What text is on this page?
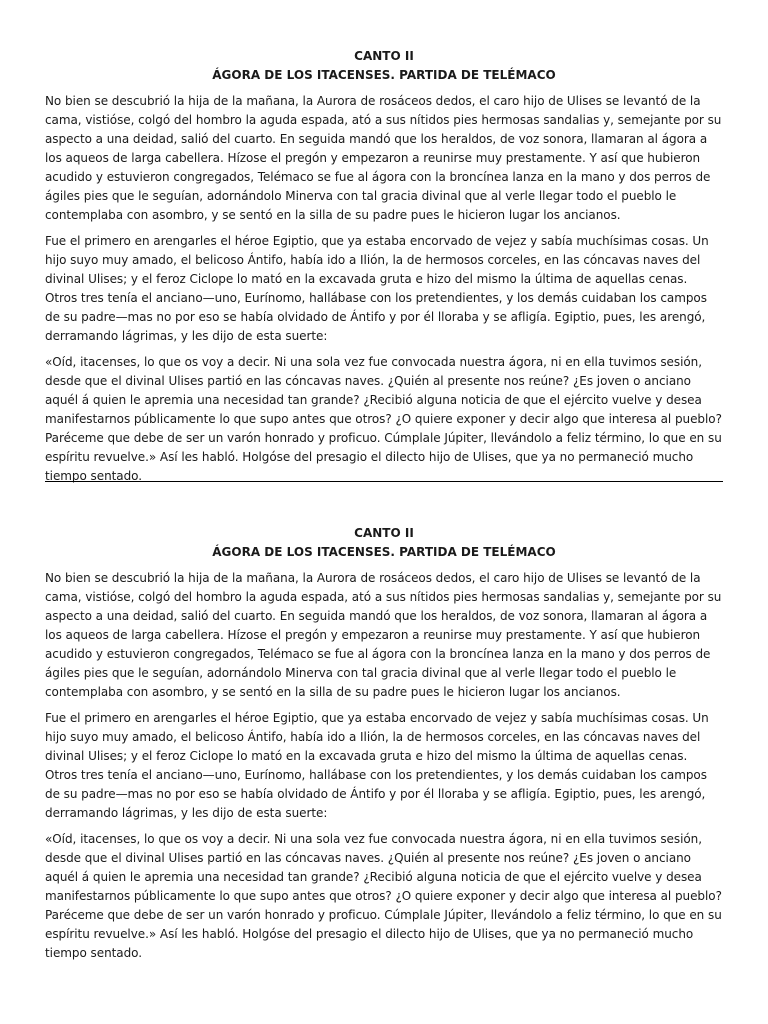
CANTO II

ÁGORA DE LOS ITACENSES. PARTIDA DE TELÉMACO

No bien se descubrió la hija de la mañana, la Aurora de rosáceos dedos, el caro hijo de Ulises se levantó de la cama, vistióse, colgó del hombro la aguda espada, ató a sus nítidos pies hermosas sandalias y, semejante por su aspecto a una deidad, salió del cuarto. En seguida mandó que los heraldos, de voz sonora, llamaran al ágora a los aqueos de larga cabellera. Hízose el pregón y empezaron a reunirse muy prestamente. Y así que hubieron acudido y estuvieron congregados, Telémaco se fue al ágora con la broncínea lanza en la mano y dos perros de ágiles pies que le seguían, adornándolo Minerva con tal gracia divinal que al verle llegar todo el pueblo le contemplaba con asombro, y se sentó en la silla de su padre pues le hicieron lugar los ancianos.

Fue el primero en arengarles el héroe Egiptio, que ya estaba encorvado de vejez y sabía muchísimas cosas. Un hijo suyo muy amado, el belicoso Ántifo, había ido a Ilión, la de hermosos corceles, en las cóncavas naves del divinal Ulises; y el feroz Ciclope lo mató en la excavada gruta e hizo del mismo la última de aquellas cenas. Otros tres tenía el anciano—uno, Eurínomo, hallábase con los pretendientes, y los demás cuidaban los campos de su padre—mas no por eso se había olvidado de Ántifo y por él lloraba y se afligía. Egiptio, pues, les arengó, derramando lágrimas, y les dijo de esta suerte:

«Oíd, itacenses, lo que os voy a decir. Ni una sola vez fue convocada nuestra ágora, ni en ella tuvimos sesión, desde que el divinal Ulises partió en las cóncavas naves. ¿Quién al presente nos reúne? ¿Es joven o anciano aquél á quien le apremia una necesidad tan grande? ¿Recibió alguna noticia de que el ejército vuelve y desea manifestarnos públicamente lo que supo antes que otros? ¿O quiere exponer y decir algo que interesa al pueblo? Paréceme que debe de ser un varón honrado y proficuo. Cúmplale Júpiter, llevándolo a feliz término, lo que en su espíritu revuelve.» Así les habló. Holgóse del presagio el dilecto hijo de Ulises, que ya no permaneció mucho tiempo sentado.

CANTO II

ÁGORA DE LOS ITACENSES. PARTIDA DE TELÉMACO

No bien se descubrió la hija de la mañana, la Aurora de rosáceos dedos, el caro hijo de Ulises se levantó de la cama, vistióse, colgó del hombro la aguda espada, ató a sus nítidos pies hermosas sandalias y, semejante por su aspecto a una deidad, salió del cuarto. En seguida mandó que los heraldos, de voz sonora, llamaran al ágora a los aqueos de larga cabellera. Hízose el pregón y empezaron a reunirse muy prestamente. Y así que hubieron acudido y estuvieron congregados, Telémaco se fue al ágora con la broncínea lanza en la mano y dos perros de ágiles pies que le seguían, adornándolo Minerva con tal gracia divinal que al verle llegar todo el pueblo le contemplaba con asombro, y se sentó en la silla de su padre pues le hicieron lugar los ancianos.

Fue el primero en arengarles el héroe Egiptio, que ya estaba encorvado de vejez y sabía muchísimas cosas. Un hijo suyo muy amado, el belicoso Ántifo, había ido a Ilión, la de hermosos corceles, en las cóncavas naves del divinal Ulises; y el feroz Ciclope lo mató en la excavada gruta e hizo del mismo la última de aquellas cenas. Otros tres tenía el anciano—uno, Eurínomo, hallábase con los pretendientes, y los demás cuidaban los campos de su padre—mas no por eso se había olvidado de Ántifo y por él lloraba y se afligía. Egiptio, pues, les arengó, derramando lágrimas, y les dijo de esta suerte:

«Oíd, itacenses, lo que os voy a decir. Ni una sola vez fue convocada nuestra ágora, ni en ella tuvimos sesión, desde que el divinal Ulises partió en las cóncavas naves. ¿Quién al presente nos reúne? ¿Es joven o anciano aquél á quien le apremia una necesidad tan grande? ¿Recibió alguna noticia de que el ejército vuelve y desea manifestarnos públicamente lo que supo antes que otros? ¿O quiere exponer y decir algo que interesa al pueblo? Paréceme que debe de ser un varón honrado y proficuo. Cúmplale Júpiter, llevándolo a feliz término, lo que en su espíritu revuelve.» Así les habló. Holgóse del presagio el dilecto hijo de Ulises, que ya no permaneció mucho tiempo sentado.
